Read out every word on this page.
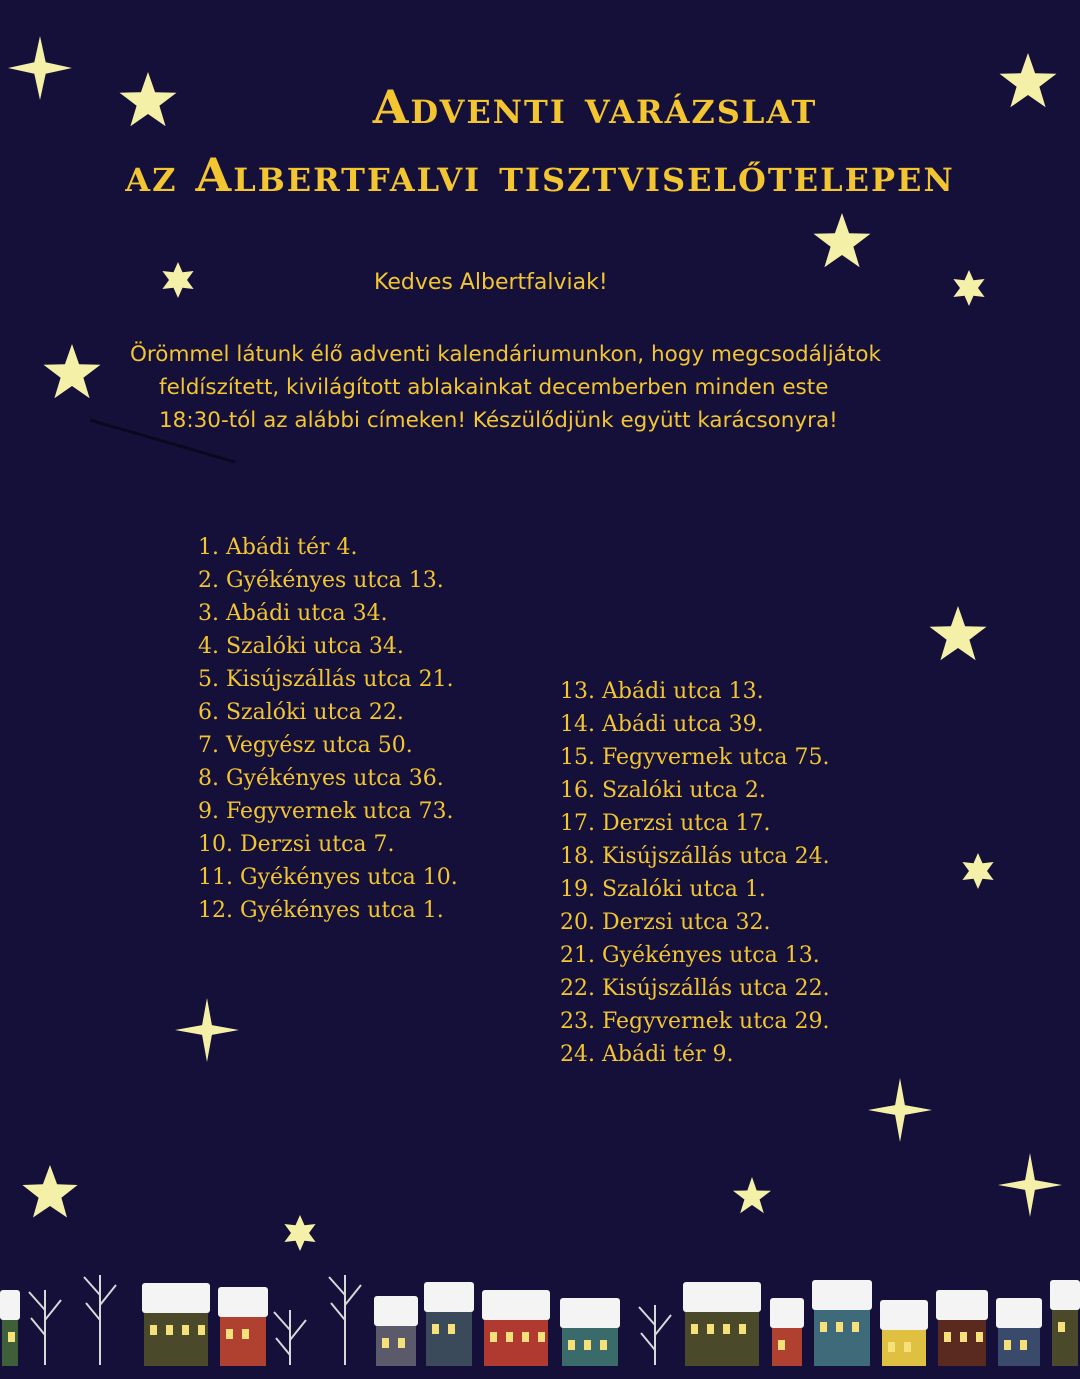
Adventi varázslat
az Albertfalvi tisztviselőtelepen
Kedves Albertfalviak!
Örömmel látunk élő adventi kalendáriumunkon, hogy megcsodáljátok
feldíszített, kivilágított ablakainkat decemberben minden este
18:30-tól az alábbi címeken! Készülődjünk együtt karácsonyra!
1. Abádi tér 4.
2. Gyékényes utca 13.
3. Abádi utca 34.
4. Szalóki utca 34.
5. Kisújszállás utca 21.
6. Szalóki utca 22.
7. Vegyész utca 50.
8. Gyékényes utca 36.
9. Fegyvernek utca 73.
10. Derzsi utca 7.
11. Gyékényes utca 10.
12. Gyékényes utca 1.
13. Abádi utca 13.
14. Abádi utca 39.
15. Fegyvernek utca 75.
16. Szalóki utca 2.
17. Derzsi utca 17.
18. Kisújszállás utca 24.
19. Szalóki utca 1.
20. Derzsi utca 32.
21. Gyékényes utca 13.
22. Kisújszállás utca 22.
23. Fegyvernek utca 29.
24. Abádi tér 9.
